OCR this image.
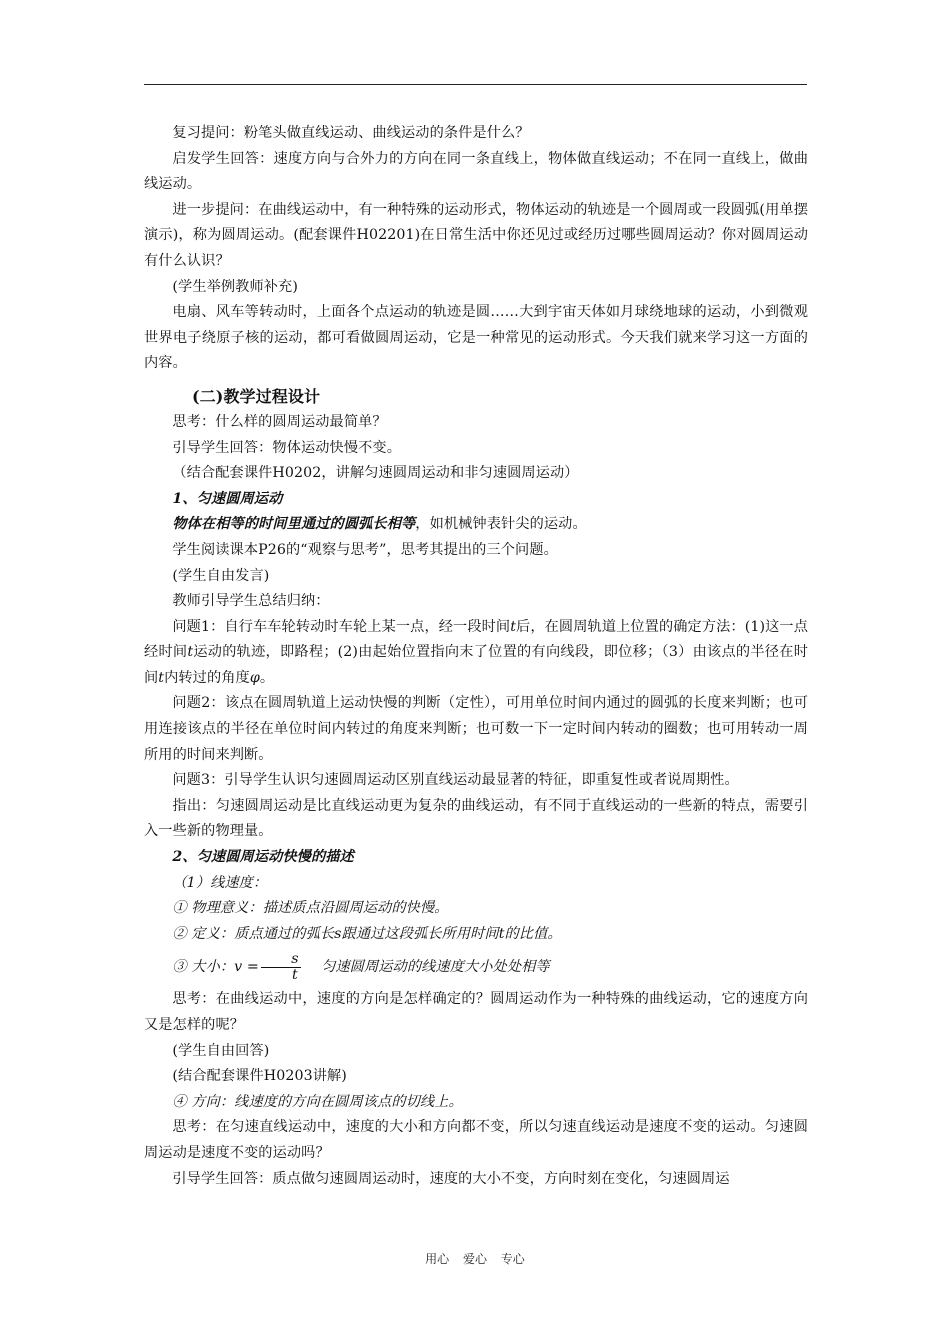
复习提问：粉笔头做直线运动、曲线运动的条件是什么？

启发学生回答：速度方向与合外力的方向在同一条直线上，物体做直线运动；不在同一直线上，做曲线运动。

进一步提问：在曲线运动中，有一种特殊的运动形式，物体运动的轨迹是一个圆周或一段圆弧(用单摆演示)，称为圆周运动。(配套课件H02201)在日常生活中你还见过或经历过哪些圆周运动？你对圆周运动有什么认识？

(学生举例教师补充)

电扇、风车等转动时，上面各个点运动的轨迹是圆……大到宇宙天体如月球绕地球的运动，小到微观世界电子绕原子核的运动，都可看做圆周运动，它是一种常见的运动形式。今天我们就来学习这一方面的内容。

(二)教学过程设计

思考：什么样的圆周运动最简单？

引导学生回答：物体运动快慢不变。

（结合配套课件H0202，讲解匀速圆周运动和非匀速圆周运动）

1、匀速圆周运动

物体在相等的时间里通过的圆弧长相等，如机械钟表针尖的运动。

学生阅读课本P26的“观察与思考”，思考其提出的三个问题。

(学生自由发言)

教师引导学生总结归纳：

问题1：自行车车轮转动时车轮上某一点，经一段时间t后，在圆周轨道上位置的确定方法：(1)这一点经时间t运动的轨迹，即路程；(2)由起始位置指向末了位置的有向线段，即位移；（3）由该点的半径在时间t内转过的角度φ。

问题2：该点在圆周轨道上运动快慢的判断（定性），可用单位时间内通过的圆弧的长度来判断；也可用连接该点的半径在单位时间内转过的角度来判断；也可数一下一定时间内转动的圈数；也可用转动一周所用的时间来判断。

问题3：引导学生认识匀速圆周运动区别直线运动最显著的特征，即重复性或者说周期性。

指出：匀速圆周运动是比直线运动更为复杂的曲线运动，有不同于直线运动的一些新的特点，需要引入一些新的物理量。

2、匀速圆周运动快慢的描述

（1）线速度：

① 物理意义：描述质点沿圆周运动的快慢。

② 定义：质点通过的弧长s跟通过这段弧长所用时间t的比值。

③ 大小：$v = \frac{s}{t}$ 匀速圆周运动的线速度大小处处相等

思考：在曲线运动中，速度的方向是怎样确定的？圆周运动作为一种特殊的曲线运动，它的速度方向又是怎样的呢？

(学生自由回答)

(结合配套课件H0203讲解)

④ 方向：线速度的方向在圆周该点的切线上。

思考：在匀速直线运动中，速度的大小和方向都不变，所以匀速直线运动是速度不变的运动。匀速圆周运动是速度不变的运动吗？

引导学生回答：质点做匀速圆周运动时，速度的大小不变，方向时刻在变化，匀速圆周运

用心 爱心 专心
